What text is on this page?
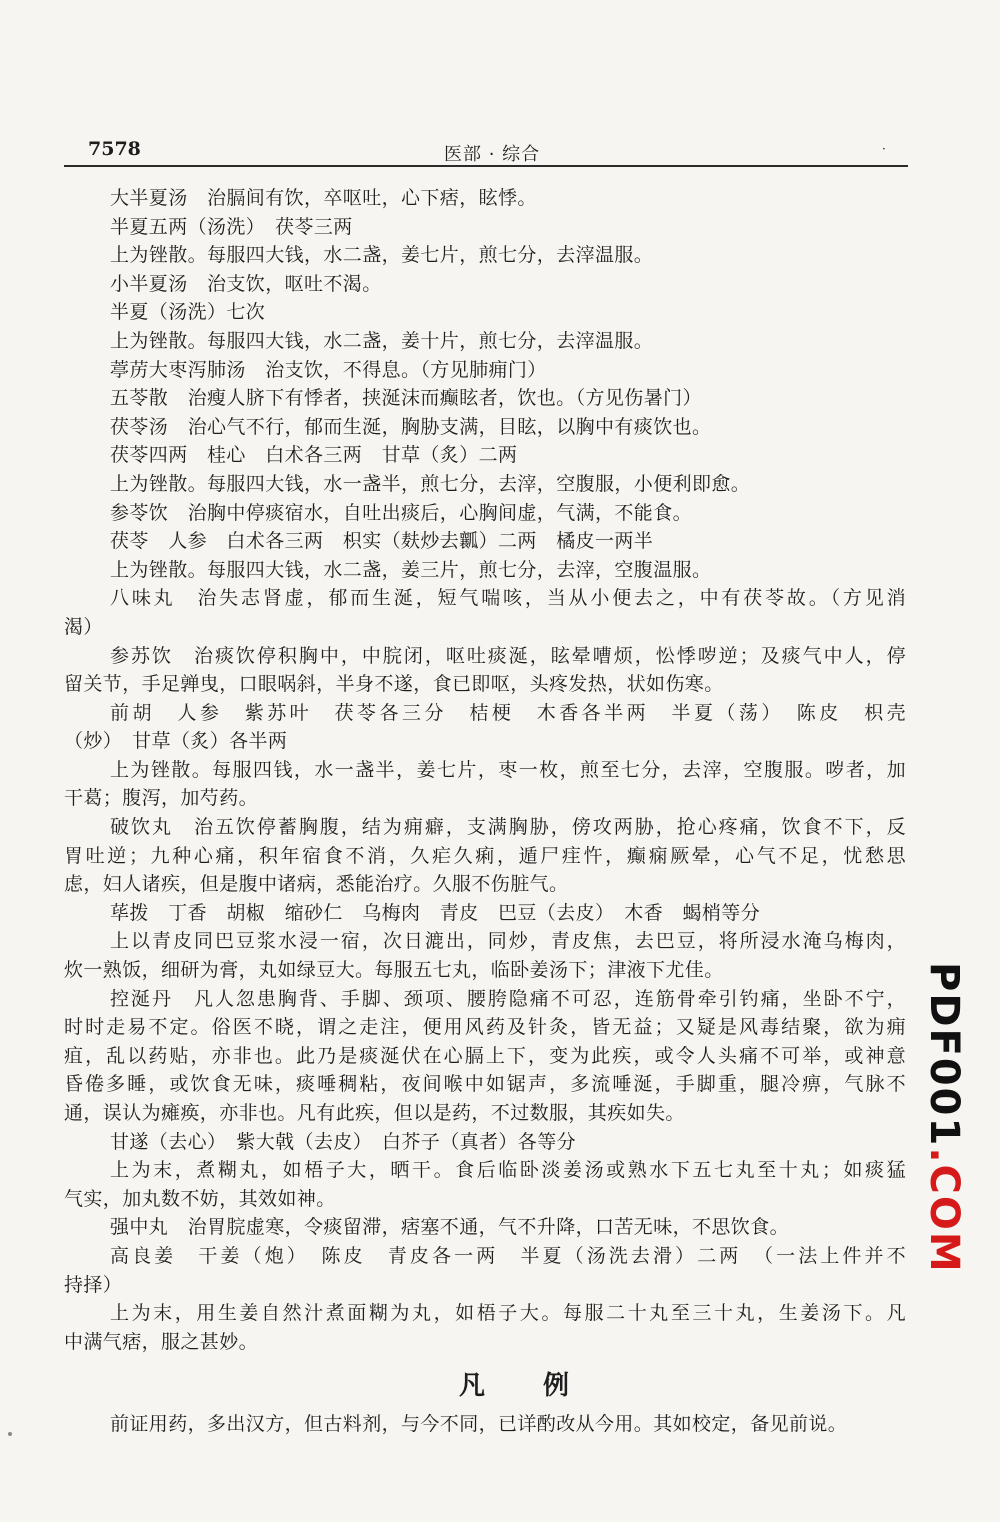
7578	医部 · 综合	·
大半夏汤　治膈间有饮，卒呕吐，心下痞，眩悸。
半夏五两（汤洗）　茯苓三两
上为锉散。每服四大钱，水二盏，姜七片，煎七分，去滓温服。
小半夏汤　治支饮，呕吐不渴。
半夏（汤洗）七次
上为锉散。每服四大钱，水二盏，姜十片，煎七分，去滓温服。
葶苈大枣泻肺汤　治支饮，不得息。（方见肺痈门）
五苓散　治瘦人脐下有悸者，挟涎沫而癫眩者，饮也。（方见伤暑门）
茯苓汤　治心气不行，郁而生涎，胸胁支满，目眩，以胸中有痰饮也。
茯苓四两　桂心　白术各三两　甘草（炙）二两
上为锉散。每服四大钱，水一盏半，煎七分，去滓，空腹服，小便利即愈。
参苓饮　治胸中停痰宿水，自吐出痰后，心胸间虚，气满，不能食。
茯苓　人参　白术各三两　枳实（麸炒去瓤）二两　橘皮一两半
上为锉散。每服四大钱，水二盏，姜三片，煎七分，去滓，空腹温服。
八味丸　治失志肾虚，郁而生涎，短气喘咳，当从小便去之，中有茯苓故。（方见消
渴）
参苏饮　治痰饮停积胸中，中脘闭，呕吐痰涎，眩晕嘈烦，忪悸哕逆；及痰气中人，停
留关节，手足亸曳，口眼㖞斜，半身不遂，食已即呕，头疼发热，状如伤寒。
前胡　人参　紫苏叶　茯苓各三分　桔梗　木香各半两　半夏（荡）　陈皮　枳壳
（炒）　甘草（炙）各半两
上为锉散。每服四钱，水一盏半，姜七片，枣一枚，煎至七分，去滓，空腹服。哕者，加
干葛；腹泻，加芍药。
破饮丸　治五饮停蓄胸腹，结为痈癖，支满胸胁，傍攻两胁，抢心疼痛，饮食不下，反
胃吐逆；九种心痛，积年宿食不消，久疟久痢，遁尸疰忤，癫痫厥晕，心气不足，忧愁思
虑，妇人诸疾，但是腹中诸病，悉能治疗。久服不伤脏气。
荜拨　丁香　胡椒　缩砂仁　乌梅肉　青皮　巴豆（去皮）　木香　蝎梢等分
上以青皮同巴豆浆水浸一宿，次日漉出，同炒，青皮焦，去巴豆，将所浸水淹乌梅肉，
炊一熟饭，细研为膏，丸如绿豆大。每服五七丸，临卧姜汤下；津液下尤佳。
控涎丹　凡人忽患胸背、手脚、颈项、腰胯隐痛不可忍，连筋骨牵引钓痛，坐卧不宁，
时时走易不定。俗医不晓，谓之走注，便用风药及针灸，皆无益；又疑是风毒结聚，欲为痈
疽，乱以药贴，亦非也。此乃是痰涎伏在心膈上下，变为此疾，或令人头痛不可举，或神意
昏倦多睡，或饮食无味，痰唾稠粘，夜间喉中如锯声，多流唾涎，手脚重，腿冷痹，气脉不
通，误认为瘫痪，亦非也。凡有此疾，但以是药，不过数服，其疾如失。
甘遂（去心）　紫大戟（去皮）　白芥子（真者）各等分
上为末，煮糊丸，如梧子大，晒干。食后临卧淡姜汤或熟水下五七丸至十丸；如痰猛
气实，加丸数不妨，其效如神。
强中丸　治胃脘虚寒，令痰留滞，痞塞不通，气不升降，口苦无味，不思饮食。
高良姜　干姜（炮）　陈皮　青皮各一两　半夏（汤洗去滑）二两　（一法上件并不
持择）
上为末，用生姜自然汁煮面糊为丸，如梧子大。每服二十丸至三十丸，生姜汤下。凡
中满气痞，服之甚妙。
凡例
前证用药，多出汉方，但古料剂，与今不同，已详酌改从今用。其如校定，备见前说。
PDF001.COM
